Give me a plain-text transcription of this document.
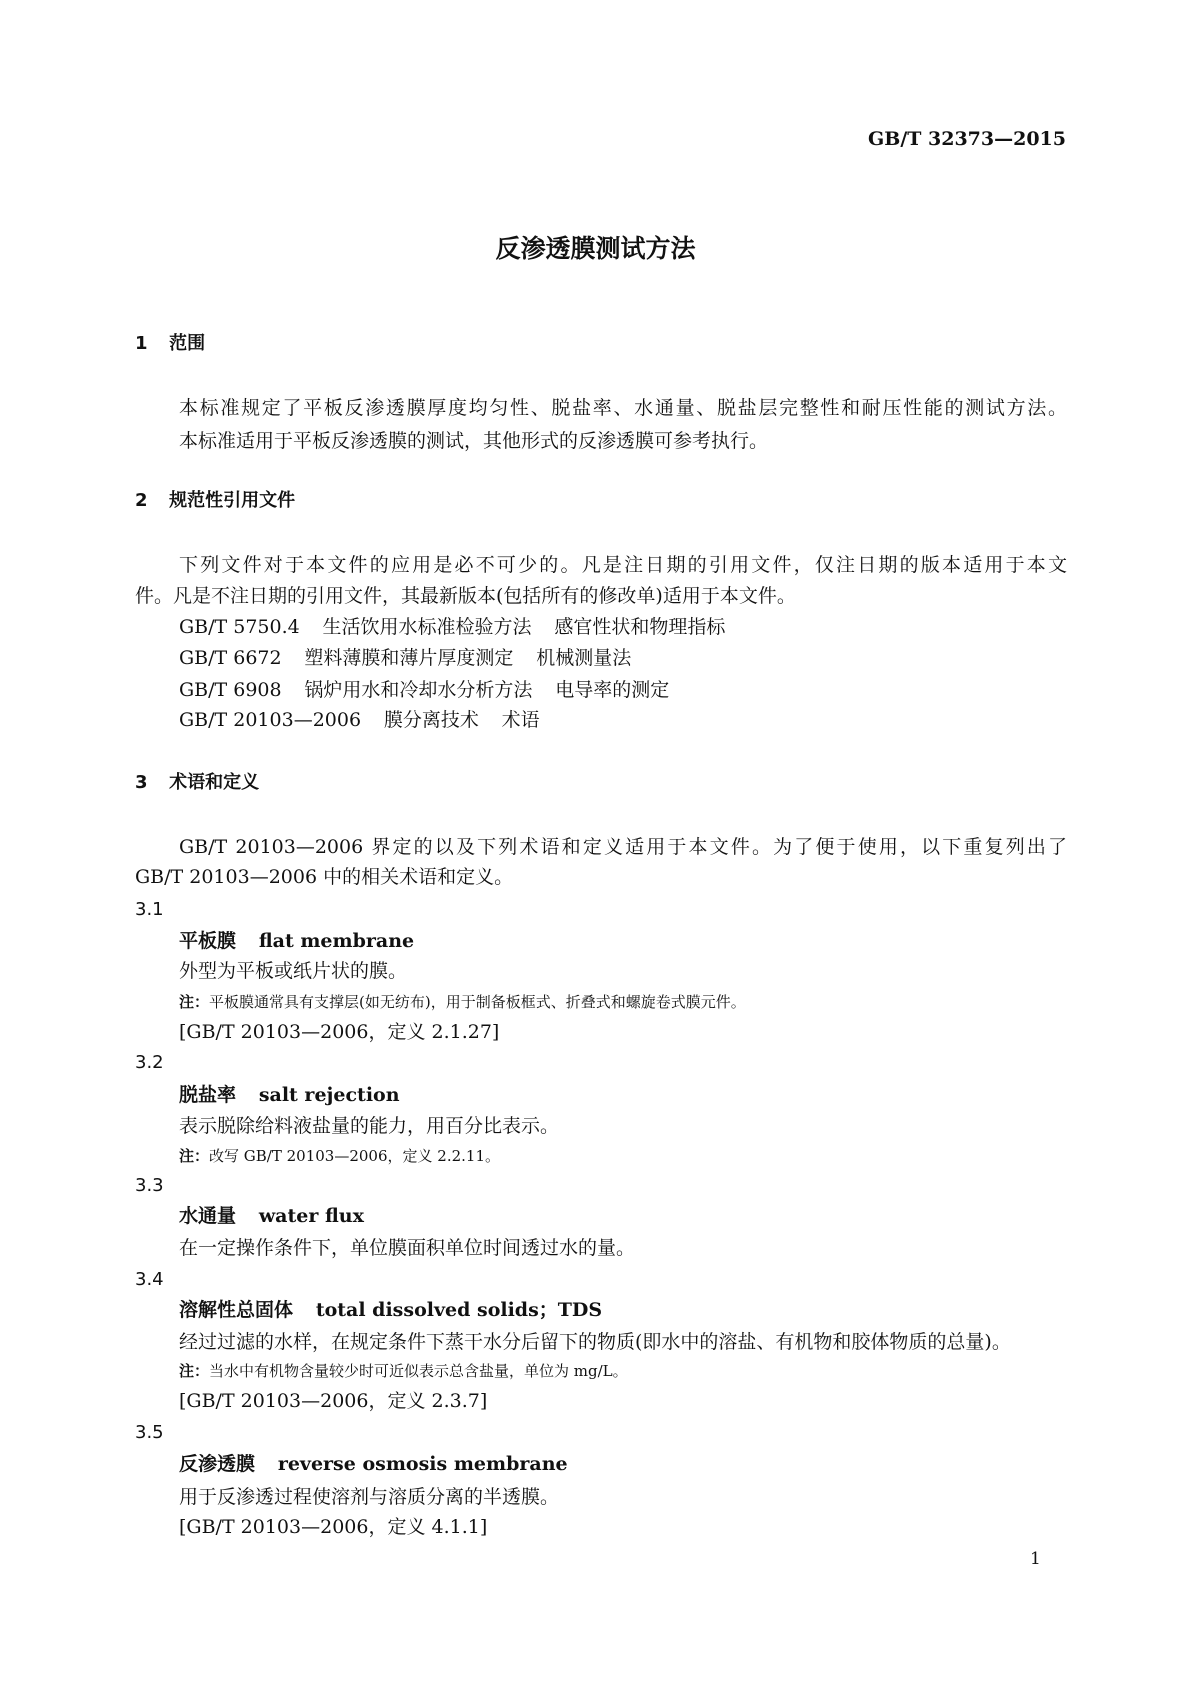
GB/T 32373—2015
反渗透膜测试方法
1 范围
本标准规定了平板反渗透膜厚度均匀性、脱盐率、水通量、脱盐层完整性和耐压性能的测试方法。
本标准适用于平板反渗透膜的测试，其他形式的反渗透膜可参考执行。
2 规范性引用文件
下列文件对于本文件的应用是必不可少的。凡是注日期的引用文件，仅注日期的版本适用于本文
件。凡是不注日期的引用文件，其最新版本(包括所有的修改单)适用于本文件。
GB/T 5750.4 生活饮用水标准检验方法 感官性状和物理指标
GB/T 6672 塑料薄膜和薄片厚度测定 机械测量法
GB/T 6908 锅炉用水和冷却水分析方法 电导率的测定
GB/T 20103—2006 膜分离技术 术语
3 术语和定义
GB/T 20103—2006 界定的以及下列术语和定义适用于本文件。为了便于使用，以下重复列出了
GB/T 20103—2006 中的相关术语和定义。
3.1
平板膜 flat membrane
外型为平板或纸片状的膜。
注：平板膜通常具有支撑层(如无纺布)，用于制备板框式、折叠式和螺旋卷式膜元件。
[GB/T 20103—2006，定义 2.1.27]
3.2
脱盐率 salt rejection
表示脱除给料液盐量的能力，用百分比表示。
注：改写 GB/T 20103—2006，定义 2.2.11。
3.3
水通量 water flux
在一定操作条件下，单位膜面积单位时间透过水的量。
3.4
溶解性总固体 total dissolved solids；TDS
经过过滤的水样，在规定条件下蒸干水分后留下的物质(即水中的溶盐、有机物和胶体物质的总量)。
注：当水中有机物含量较少时可近似表示总含盐量，单位为 mg/L。
[GB/T 20103—2006，定义 2.3.7]
3.5
反渗透膜 reverse osmosis membrane
用于反渗透过程使溶剂与溶质分离的半透膜。
[GB/T 20103—2006，定义 4.1.1]
1
